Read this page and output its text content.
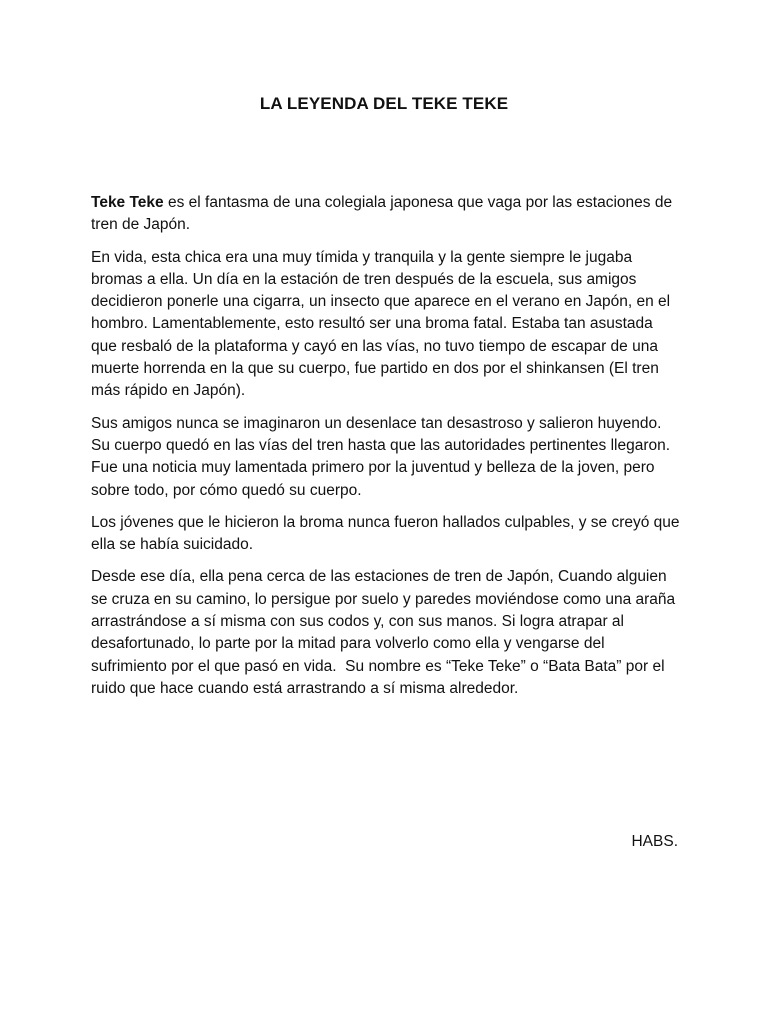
LA LEYENDA DEL TEKE TEKE

Teke Teke es el fantasma de una colegiala japonesa que vaga por las estaciones de tren de Japón.

En vida, esta chica era una muy tímida y tranquila y la gente siempre le jugaba bromas a ella. Un día en la estación de tren después de la escuela, sus amigos decidieron ponerle una cigarra, un insecto que aparece en el verano en Japón, en el hombro. Lamentablemente, esto resultó ser una broma fatal. Estaba tan asustada que resbaló de la plataforma y cayó en las vías, no tuvo tiempo de escapar de una muerte horrenda en la que su cuerpo, fue partido en dos por el shinkansen (El tren más rápido en Japón).

Sus amigos nunca se imaginaron un desenlace tan desastroso y salieron huyendo. Su cuerpo quedó en las vías del tren hasta que las autoridades pertinentes llegaron. Fue una noticia muy lamentada primero por la juventud y belleza de la joven, pero sobre todo, por cómo quedó su cuerpo.

Los jóvenes que le hicieron la broma nunca fueron hallados culpables, y se creyó que ella se había suicidado.

Desde ese día, ella pena cerca de las estaciones de tren de Japón, Cuando alguien se cruza en su camino, lo persigue por suelo y paredes moviéndose como una araña arrastrándose a sí misma con sus codos y, con sus manos. Si logra atrapar al desafortunado, lo parte por la mitad para volverlo como ella y vengarse del sufrimiento por el que pasó en vida.  Su nombre es “Teke Teke” o “Bata Bata” por el ruido que hace cuando está arrastrando a sí misma alrededor.

HABS.
